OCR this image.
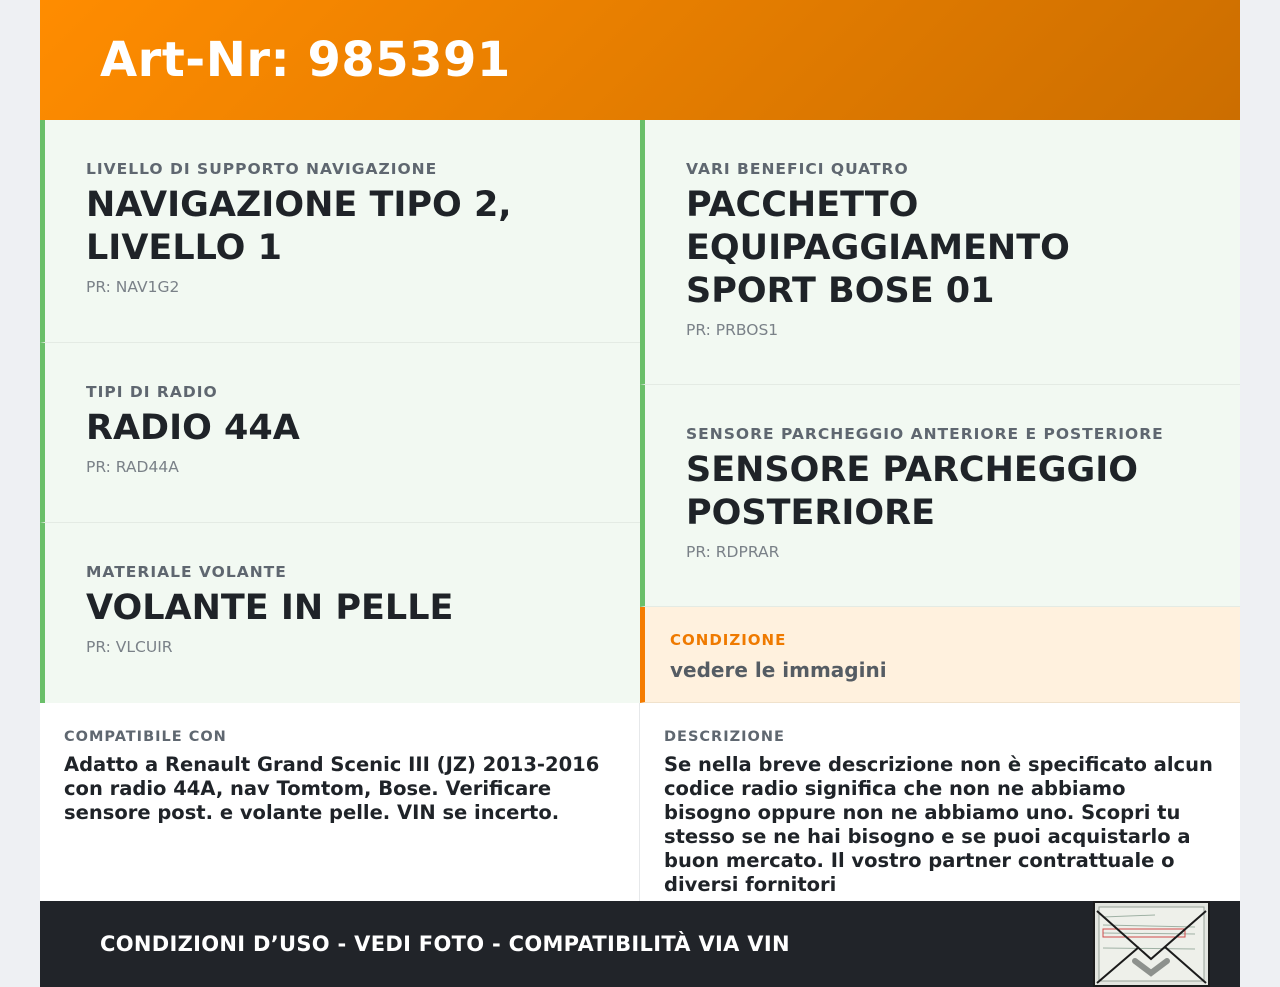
Art-Nr: 985391
LIVELLO DI SUPPORTO NAVIGAZIONE
NAVIGAZIONE TIPO 2, LIVELLO 1
PR: NAV1G2
TIPI DI RADIO
RADIO 44A
PR: RAD44A
MATERIALE VOLANTE
VOLANTE IN PELLE
PR: VLCUIR
VARI BENEFICI QUATRO
PACCHETTO EQUIPAGGIAMENTO SPORT BOSE 01
PR: PRBOS1
SENSORE PARCHEGGIO ANTERIORE E POSTERIORE
SENSORE PARCHEGGIO POSTERIORE
PR: RDPRAR
CONDIZIONE
vedere le immagini
COMPATIBILE CON
Adatto a Renault Grand Scenic III (JZ) 2013-2016 con radio 44A, nav Tomtom, Bose. Verificare sensore post. e volante pelle. VIN se incerto.
DESCRIZIONE
Se nella breve descrizione non è specificato alcun codice radio significa che non ne abbiamo bisogno oppure non ne abbiamo uno. Scopri tu stesso se ne hai bisogno e se puoi acquistarlo a buon mercato. Il vostro partner contrattuale o diversi fornitori
CONDIZIONI D’USO - VEDI FOTO - COMPATIBILITÀ VIA VIN
